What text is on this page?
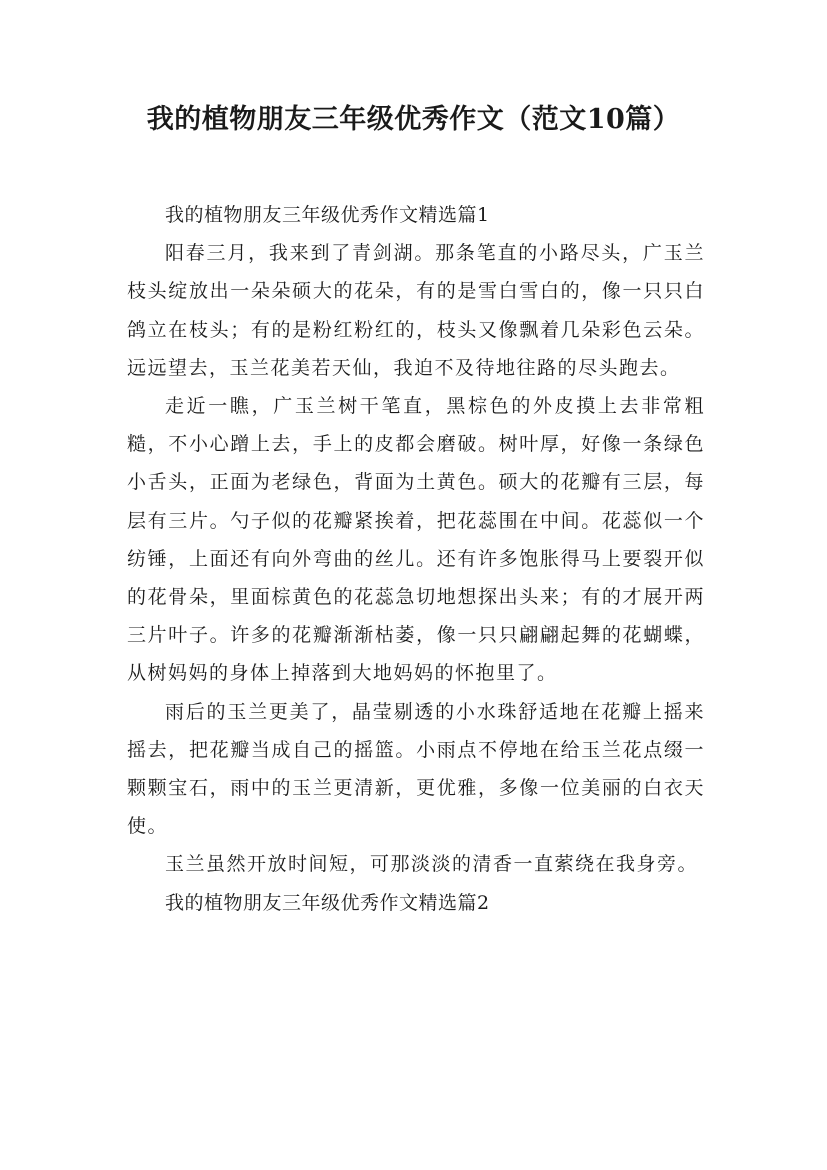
我的植物朋友三年级优秀作文（范文10篇）

我的植物朋友三年级优秀作文精选篇1

阳春三月，我来到了青剑湖。那条笔直的小路尽头，广玉兰枝头绽放出一朵朵硕大的花朵，有的是雪白雪白的，像一只只白鸽立在枝头；有的是粉红粉红的，枝头又像飘着几朵彩色云朵。远远望去，玉兰花美若天仙，我迫不及待地往路的尽头跑去。

走近一瞧，广玉兰树干笔直，黑棕色的外皮摸上去非常粗糙，不小心蹭上去，手上的皮都会磨破。树叶厚，好像一条绿色小舌头，正面为老绿色，背面为土黄色。硕大的花瓣有三层，每层有三片。勺子似的花瓣紧挨着，把花蕊围在中间。花蕊似一个纺锤，上面还有向外弯曲的丝儿。还有许多饱胀得马上要裂开似的花骨朵，里面棕黄色的花蕊急切地想探出头来；有的才展开两三片叶子。许多的花瓣渐渐枯萎，像一只只翩翩起舞的花蝴蝶，从树妈妈的身体上掉落到大地妈妈的怀抱里了。

雨后的玉兰更美了，晶莹剔透的小水珠舒适地在花瓣上摇来摇去，把花瓣当成自己的摇篮。小雨点不停地在给玉兰花点缀一颗颗宝石，雨中的玉兰更清新，更优雅，多像一位美丽的白衣天使。

玉兰虽然开放时间短，可那淡淡的清香一直萦绕在我身旁。

我的植物朋友三年级优秀作文精选篇2
